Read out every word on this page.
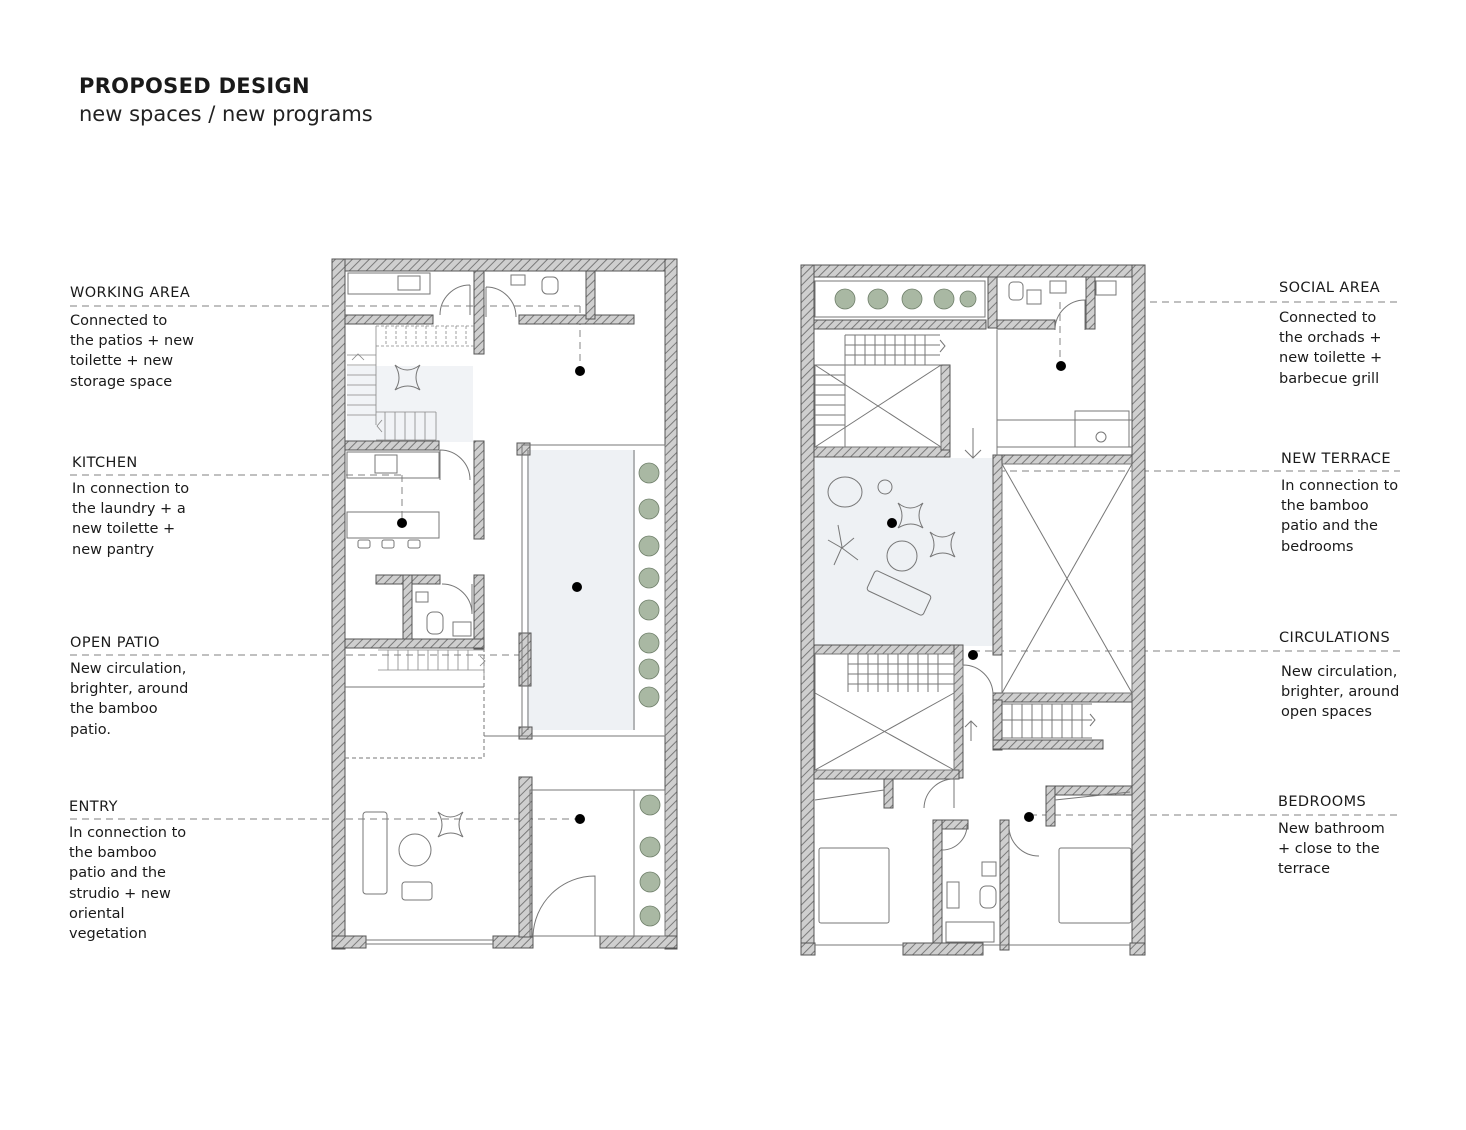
PROPOSED DESIGN
new spaces / new programs
WORKING AREA
Connected to
the patios + new
toilette + new
storage space
KITCHEN
In connection to
the laundry + a
new toilette +
new pantry
OPEN PATIO
New circulation,
brighter, around
the bamboo
patio.
ENTRY
In connection to
the bamboo
patio and the
strudio + new
oriental
vegetation
SOCIAL AREA
Connected to
the orchads +
new toilette +
barbecue grill
NEW TERRACE
In connection to
the bamboo
patio and the
bedrooms
CIRCULATIONS
New circulation,
brighter, around
open spaces
BEDROOMS
New bathroom
+ close to the
terrace
